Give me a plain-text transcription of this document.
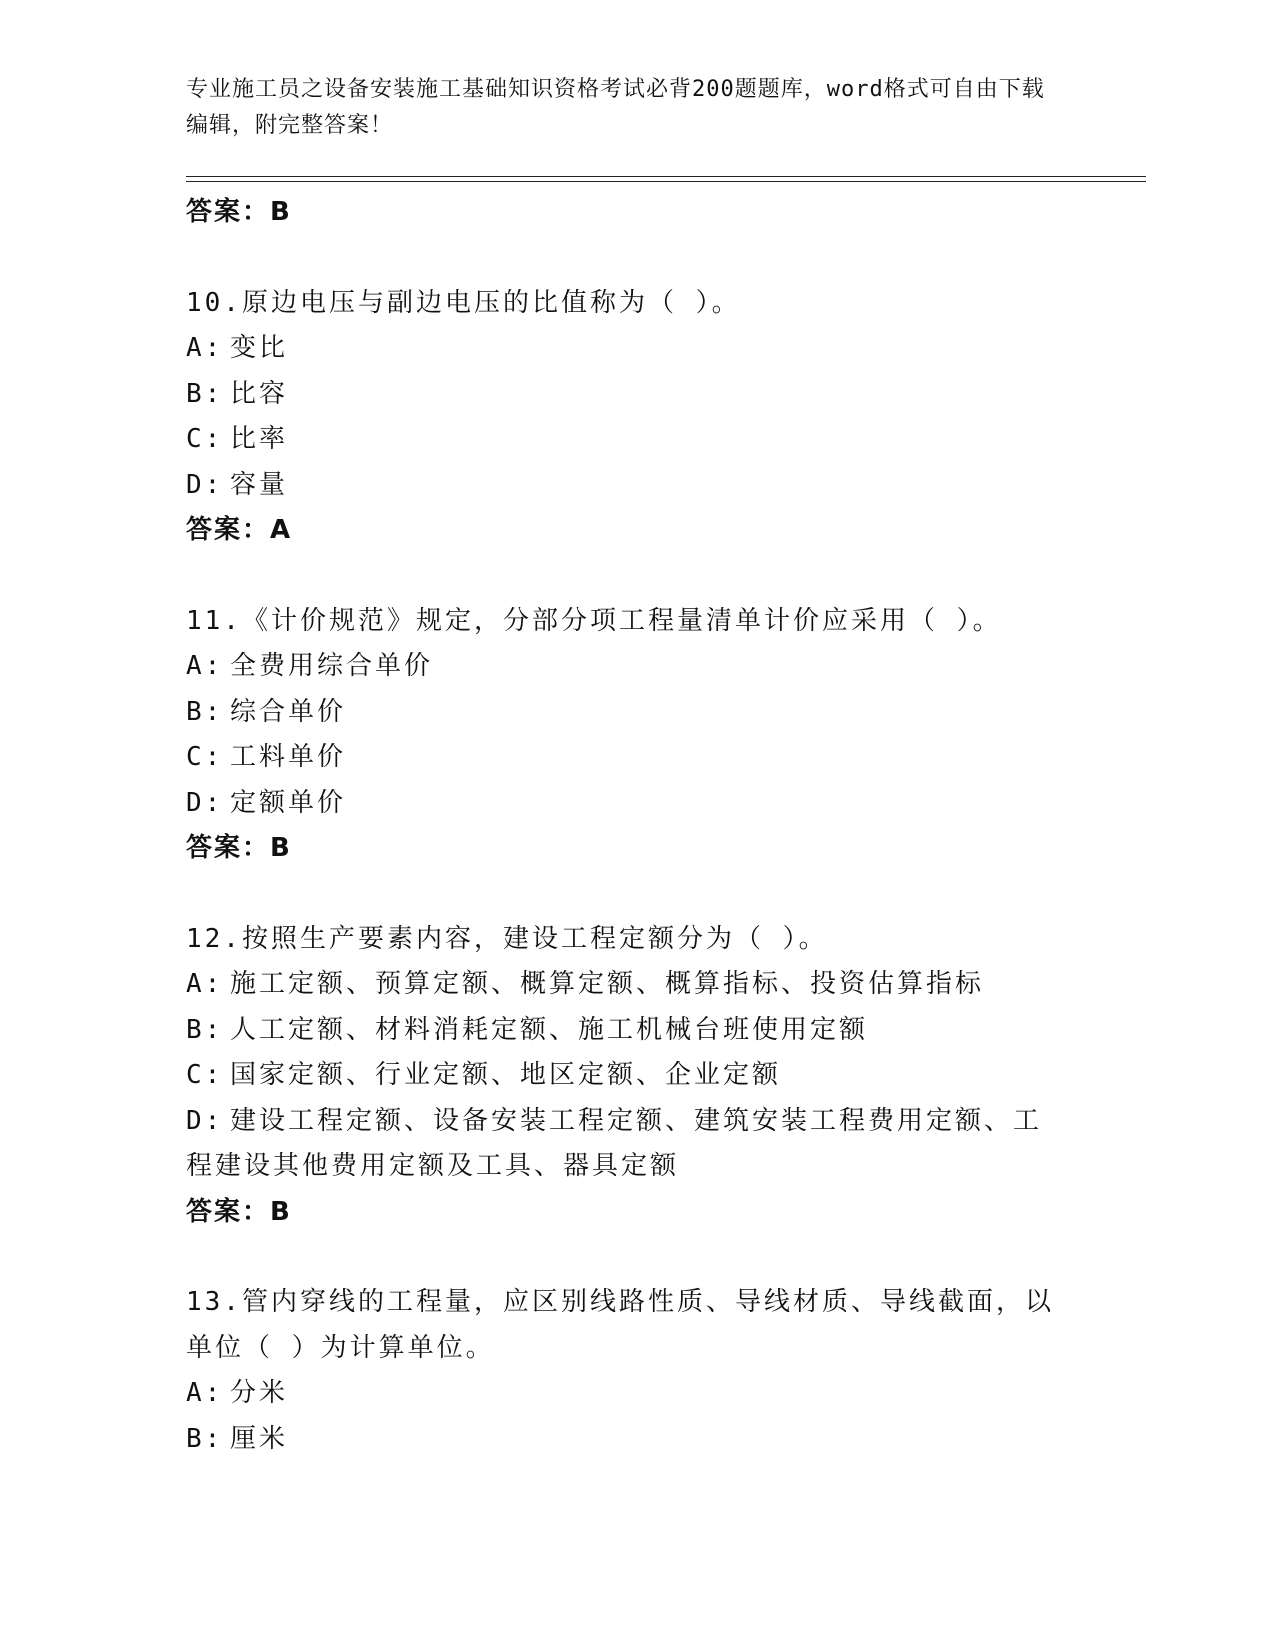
专业施工员之设备安装施工基础知识资格考试必背200题题库，word格式可自由下载编辑，附完整答案！
答案：B
10.原边电压与副边电压的比值称为（ ）。
A: 变比
B: 比容
C: 比率
D: 容量
答案：A
11.《计价规范》规定，分部分项工程量清单计价应采用（ ）。
A: 全费用综合单价
B: 综合单价
C: 工料单价
D: 定额单价
答案：B
12.按照生产要素内容，建设工程定额分为（ ）。
A: 施工定额、预算定额、概算定额、概算指标、投资估算指标
B: 人工定额、材料消耗定额、施工机械台班使用定额
C: 国家定额、行业定额、地区定额、企业定额
D: 建设工程定额、设备安装工程定额、建筑安装工程费用定额、工程建设其他费用定额及工具、器具定额
答案：B
13.管内穿线的工程量，应区别线路性质、导线材质、导线截面，以单位（ ）为计算单位。
A: 分米
B: 厘米
